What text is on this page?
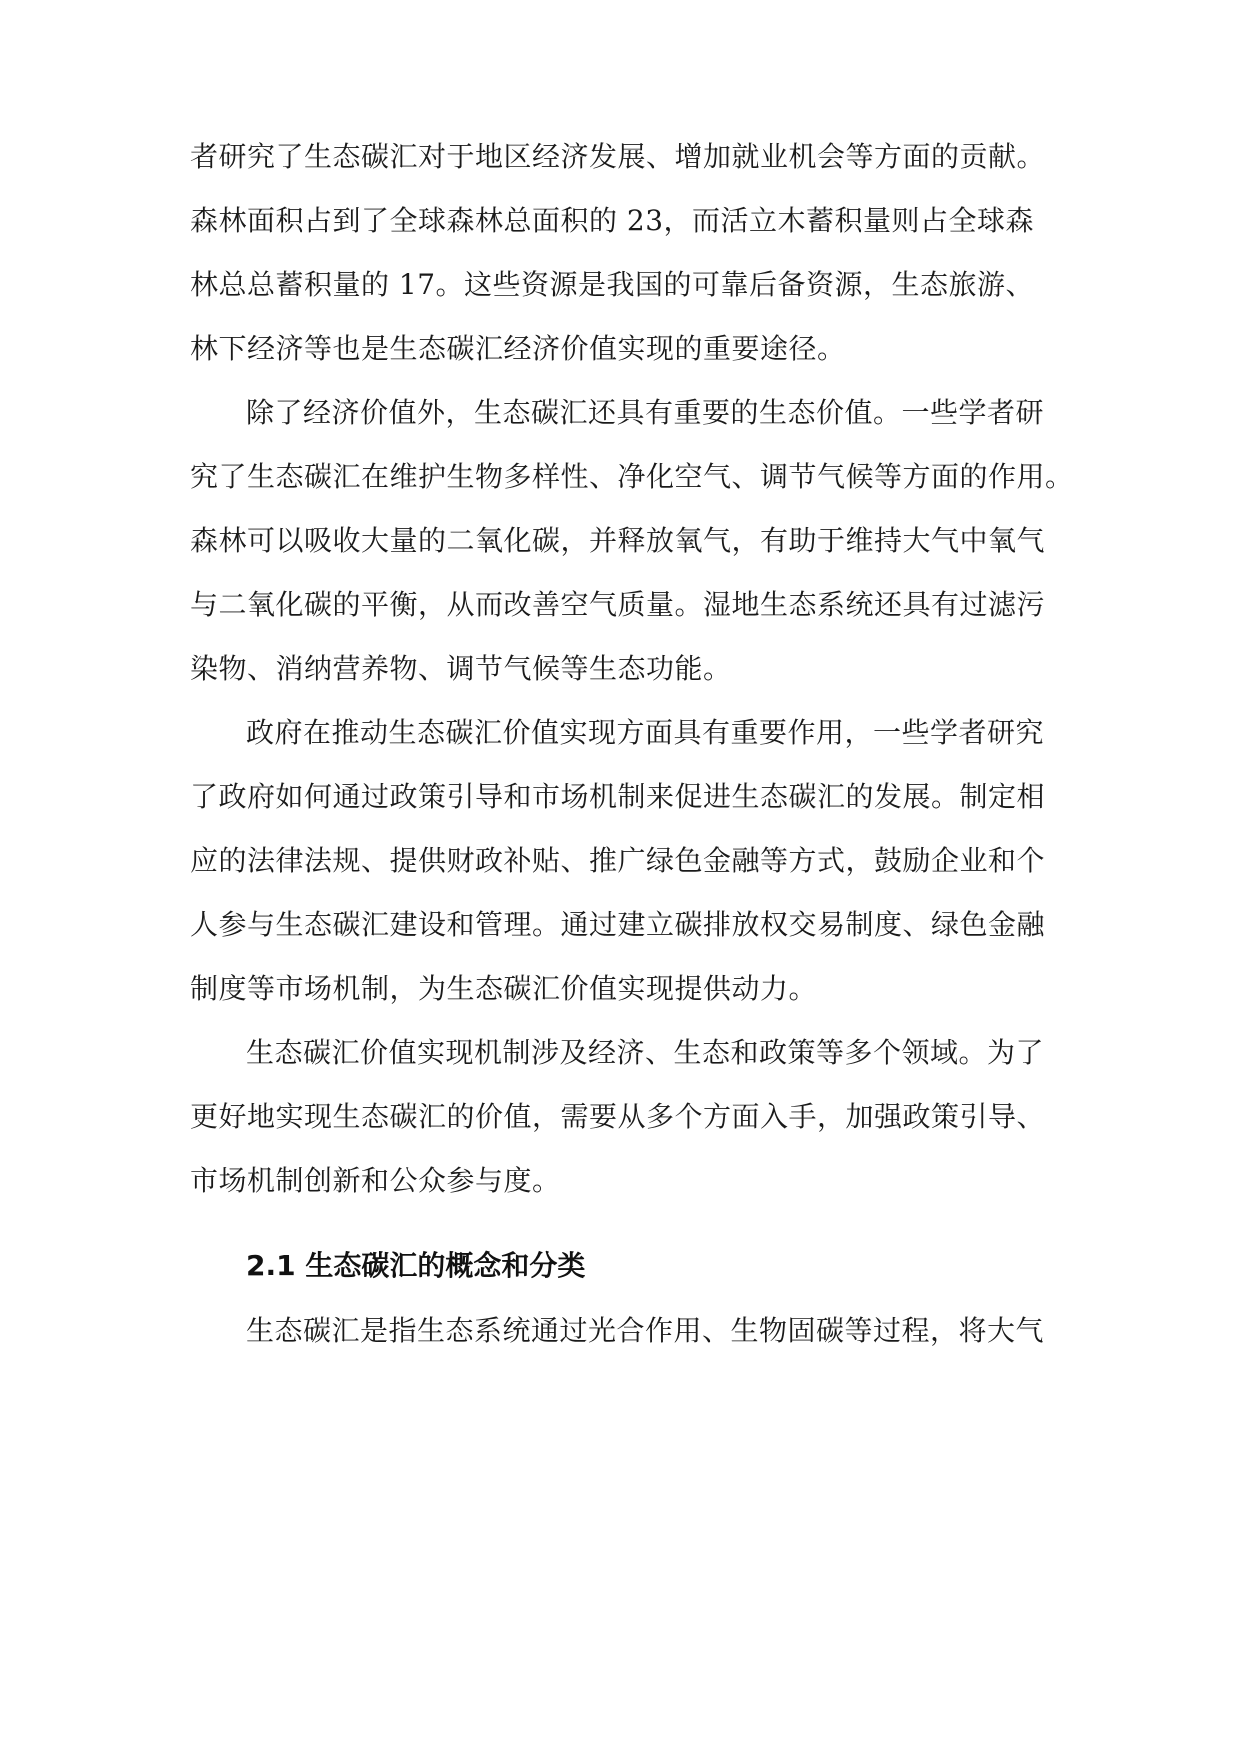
者研究了生态碳汇对于地区经济发展、增加就业机会等方面的贡献。
森林面积占到了全球森林总面积的 23，而活立木蓄积量则占全球森
林总总蓄积量的 17。这些资源是我国的可靠后备资源，生态旅游、
林下经济等也是生态碳汇经济价值实现的重要途径。
除了经济价值外，生态碳汇还具有重要的生态价值。一些学者研
究了生态碳汇在维护生物多样性、净化空气、调节气候等方面的作用。
森林可以吸收大量的二氧化碳，并释放氧气，有助于维持大气中氧气
与二氧化碳的平衡，从而改善空气质量。湿地生态系统还具有过滤污
染物、消纳营养物、调节气候等生态功能。
政府在推动生态碳汇价值实现方面具有重要作用，一些学者研究
了政府如何通过政策引导和市场机制来促进生态碳汇的发展。制定相
应的法律法规、提供财政补贴、推广绿色金融等方式，鼓励企业和个
人参与生态碳汇建设和管理。通过建立碳排放权交易制度、绿色金融
制度等市场机制，为生态碳汇价值实现提供动力。
生态碳汇价值实现机制涉及经济、生态和政策等多个领域。为了
更好地实现生态碳汇的价值，需要从多个方面入手，加强政策引导、
市场机制创新和公众参与度。
2.1 生态碳汇的概念和分类
生态碳汇是指生态系统通过光合作用、生物固碳等过程，将大气
